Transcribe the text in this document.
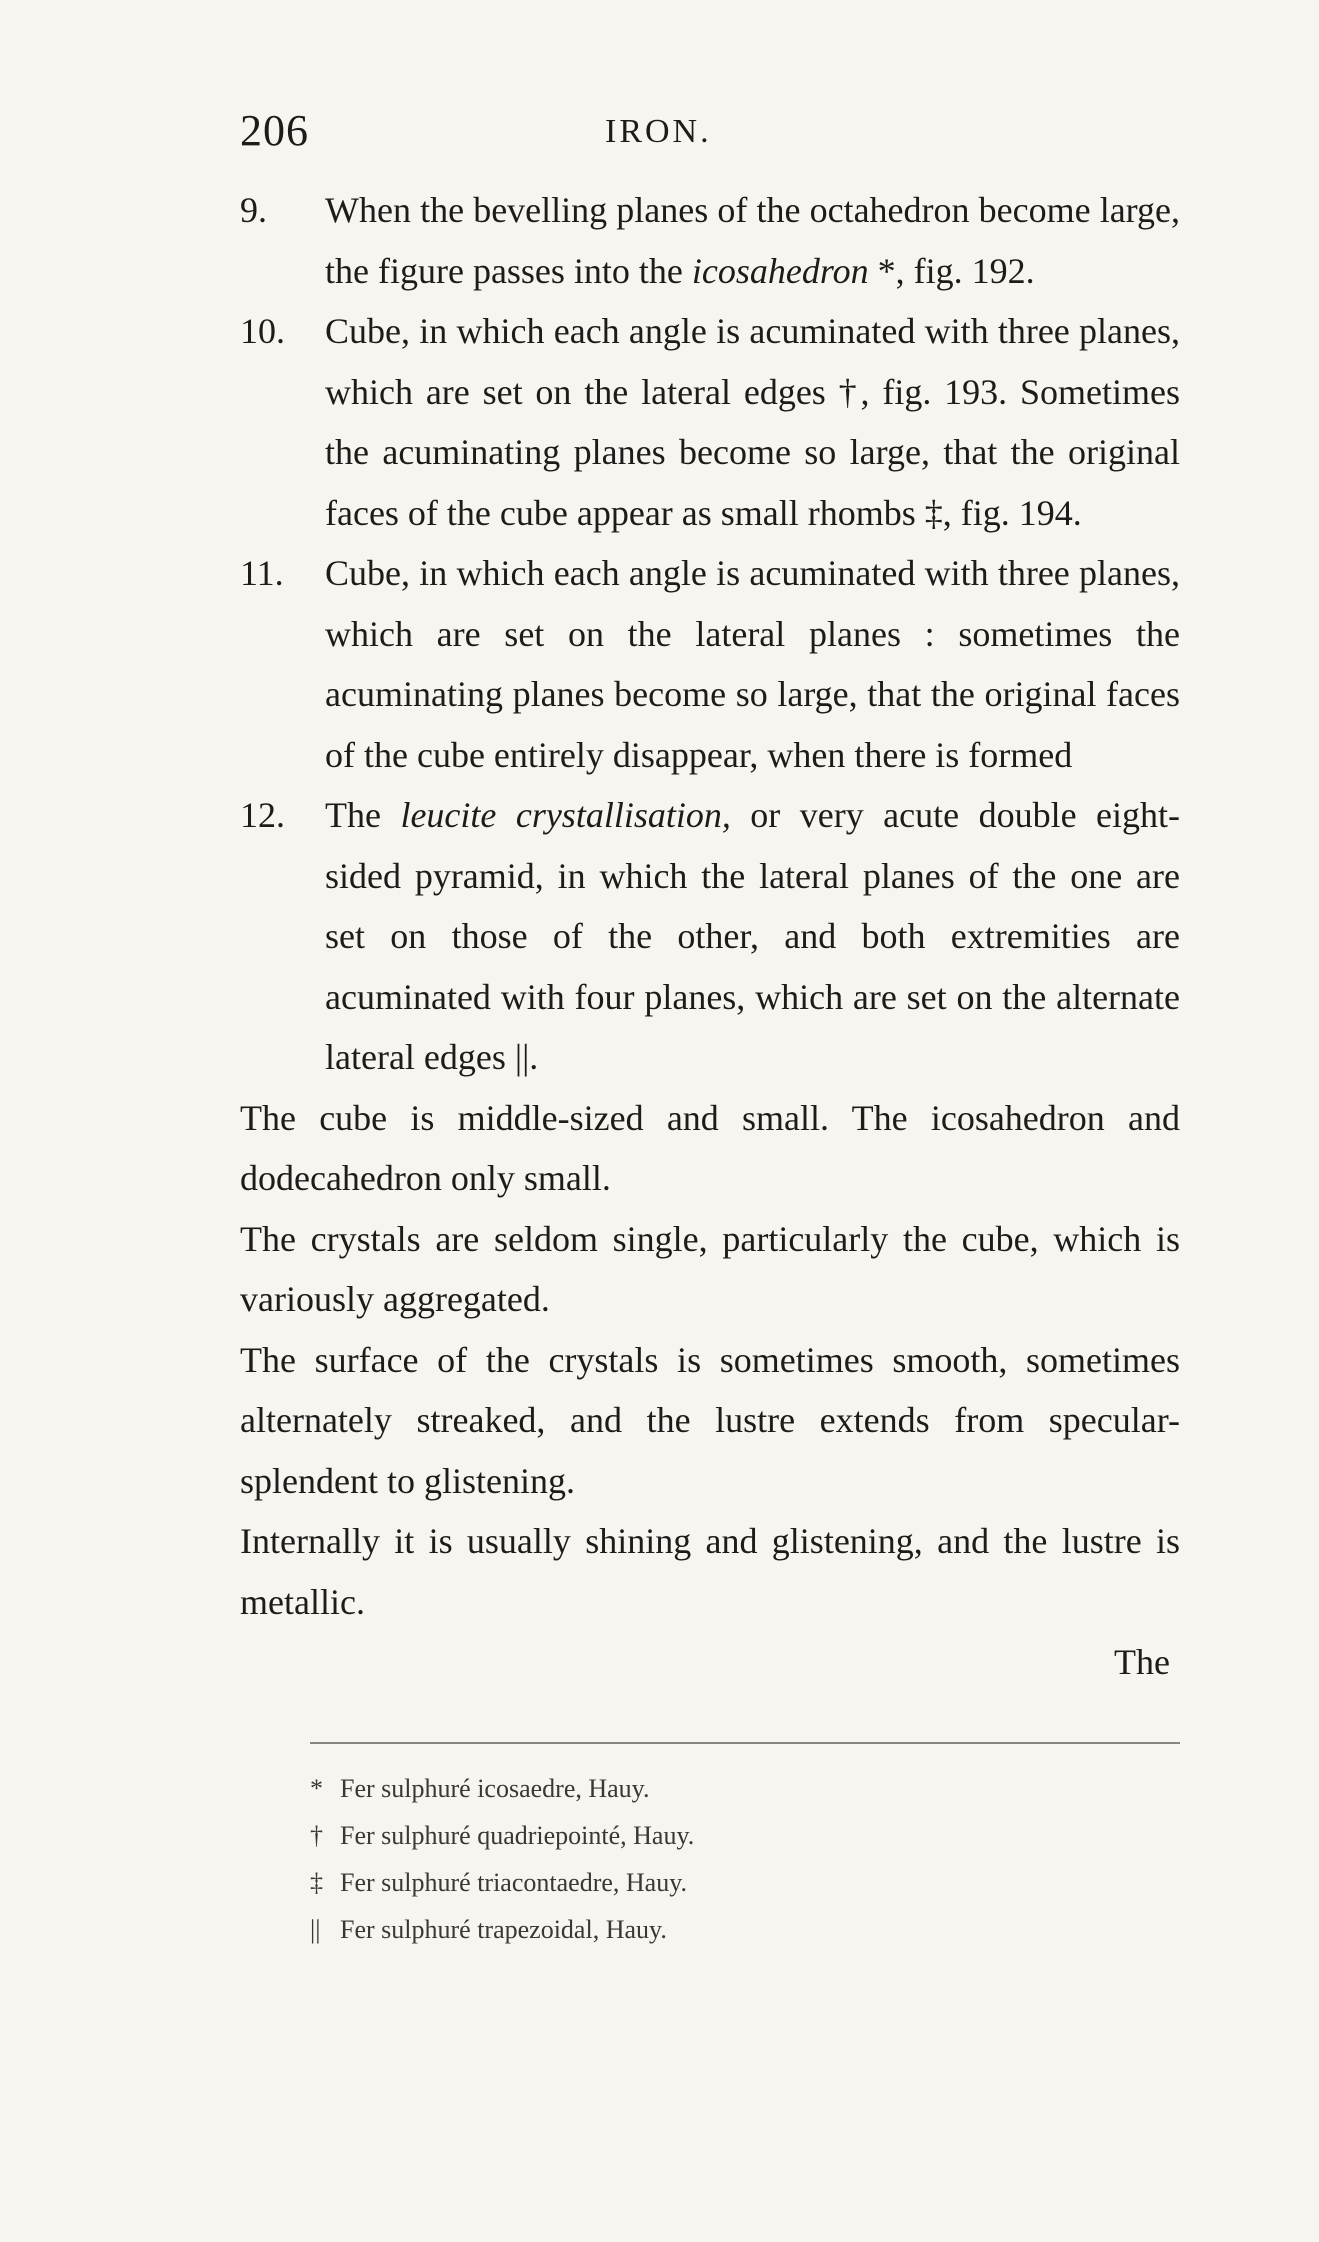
206	IRON.
9. When the bevelling planes of the octahedron become large, the figure passes into the icosahedron *, fig. 192.
10. Cube, in which each angle is acuminated with three planes, which are set on the lateral edges †, fig. 193. Sometimes the acuminating planes become so large, that the original faces of the cube appear as small rhombs ‡, fig. 194.
11. Cube, in which each angle is acuminated with three planes, which are set on the lateral planes : sometimes the acuminating planes become so large, that the original faces of the cube entirely disappear, when there is formed
12. The leucite crystallisation, or very acute double eight-sided pyramid, in which the lateral planes of the one are set on those of the other, and both extremities are acuminated with four planes, which are set on the alternate lateral edges ||.
The cube is middle-sized and small. The icosahedron and dodecahedron only small.
The crystals are seldom single, particularly the cube, which is variously aggregated.
The surface of the crystals is sometimes smooth, sometimes alternately streaked, and the lustre extends from specular-splendent to glistening.
Internally it is usually shining and glistening, and the lustre is metallic.
The
* Fer sulphuré icosaedre, Hauy.
† Fer sulphuré quadriepointé, Hauy.
‡ Fer sulphuré triacontaedre, Hauy.
|| Fer sulphuré trapezoidal, Hauy.
